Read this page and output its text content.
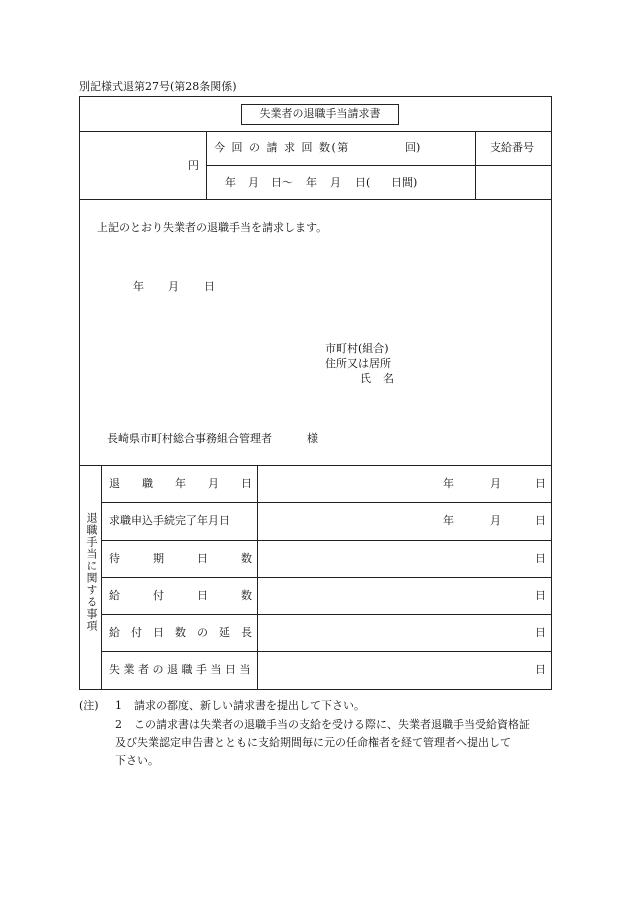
別記様式退第27号(第28条関係)
失業者の退職手当請求書
円
今 回 の 請 求 回 数(第	回)	支給番号
年 月 日〜 年 月 日( 日間)
上記のとおり失業者の退職手当を請求します。
年 月 日
市町村(組合)
住所又は居所
氏 名
長崎県市町村総合事務組合管理者	様
退職手当に関する事項
退　　職　　年　　月　　日	年	月	日
求職申込手続完了年月日	年	月	日
待　　　期　　　日　　　数	日
給　　　付　　　日　　　数	日
給　付　日　数　の　延　長	日
失 業 者 の 退 職 手 当 日 当	日
(注) 1 請求の都度、新しい請求書を提出して下さい。
2 この請求書は失業者の退職手当の支給を受ける際に、失業者退職手当受給資格証
及び失業認定申告書とともに支給期間毎に元の任命権者を経て管理者へ提出して
下さい。
